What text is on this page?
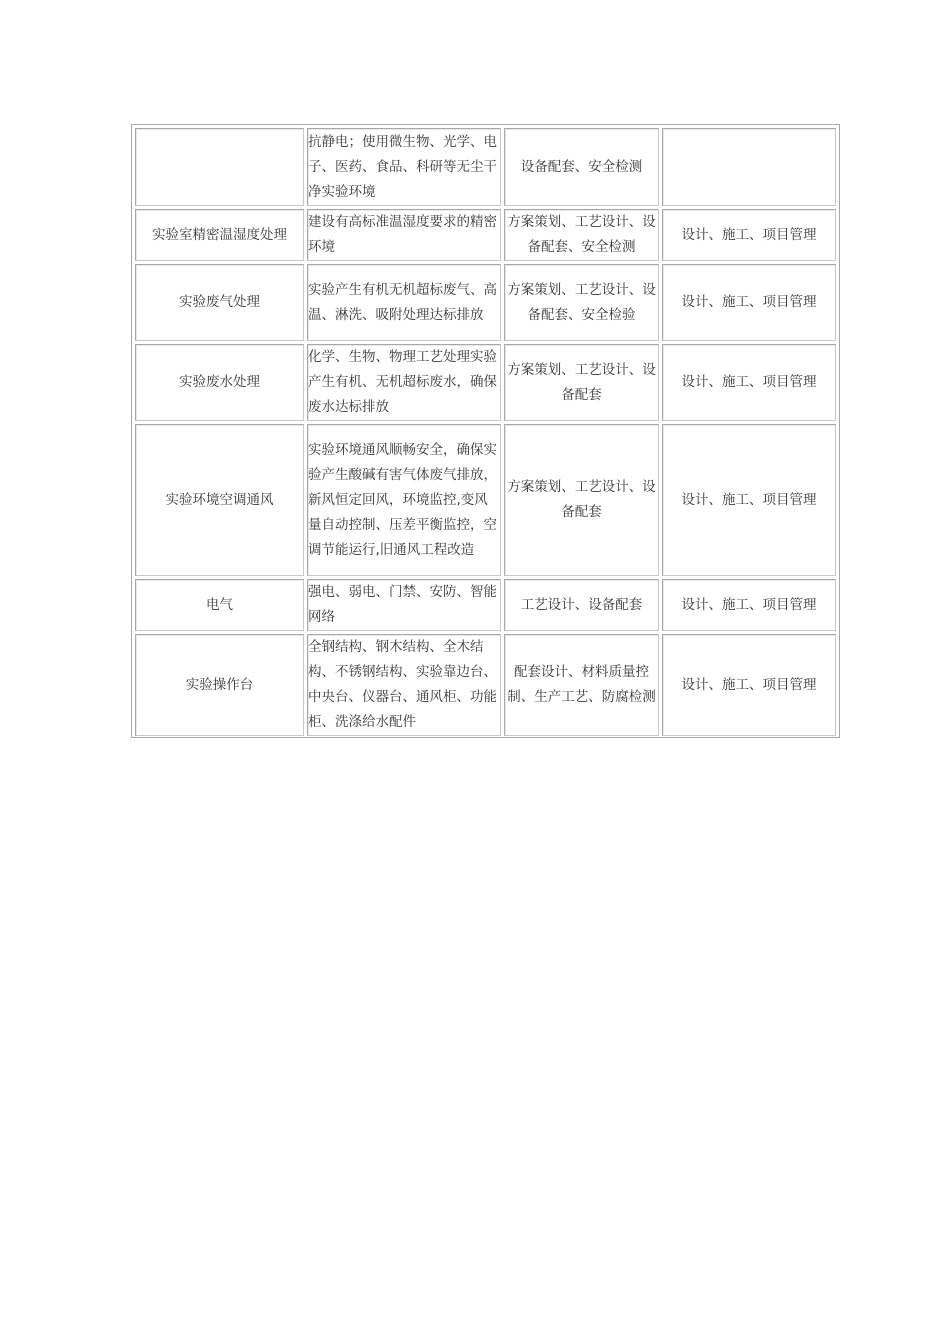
	抗静电；使用微生物、光学、电子、医药、食品、科研等无尘干净实验环境	设备配套、安全检测	
实验室精密温湿度处理	建设有高标准温湿度要求的精密环境	方案策划、工艺设计、设备配套、安全检测	设计、施工、项目管理
实验废气处理	实验产生有机无机超标废气、高温、淋洗、吸附处理达标排放	方案策划、工艺设计、设备配套、安全检验	设计、施工、项目管理
实验废水处理	化学、生物、物理工艺处理实验产生有机、无机超标废水，确保废水达标排放	方案策划、工艺设计、设备配套	设计、施工、项目管理
实验环境空调通风	实验环境通风顺畅安全，确保实验产生酸碱有害气体废气排放，新风恒定回风，环境监控,变风量自动控制、压差平衡监控，空调节能运行,旧通风工程改造	方案策划、工艺设计、设备配套	设计、施工、项目管理
电气	强电、弱电、门禁、安防、智能网络	工艺设计、设备配套	设计、施工、项目管理
实验操作台	全钢结构、钢木结构、全木结构、不锈钢结构、实验靠边台、中央台、仪器台、通风柜、功能柜、洗涤给水配件	配套设计、材料质量控制、生产工艺、防腐检测	设计、施工、项目管理
